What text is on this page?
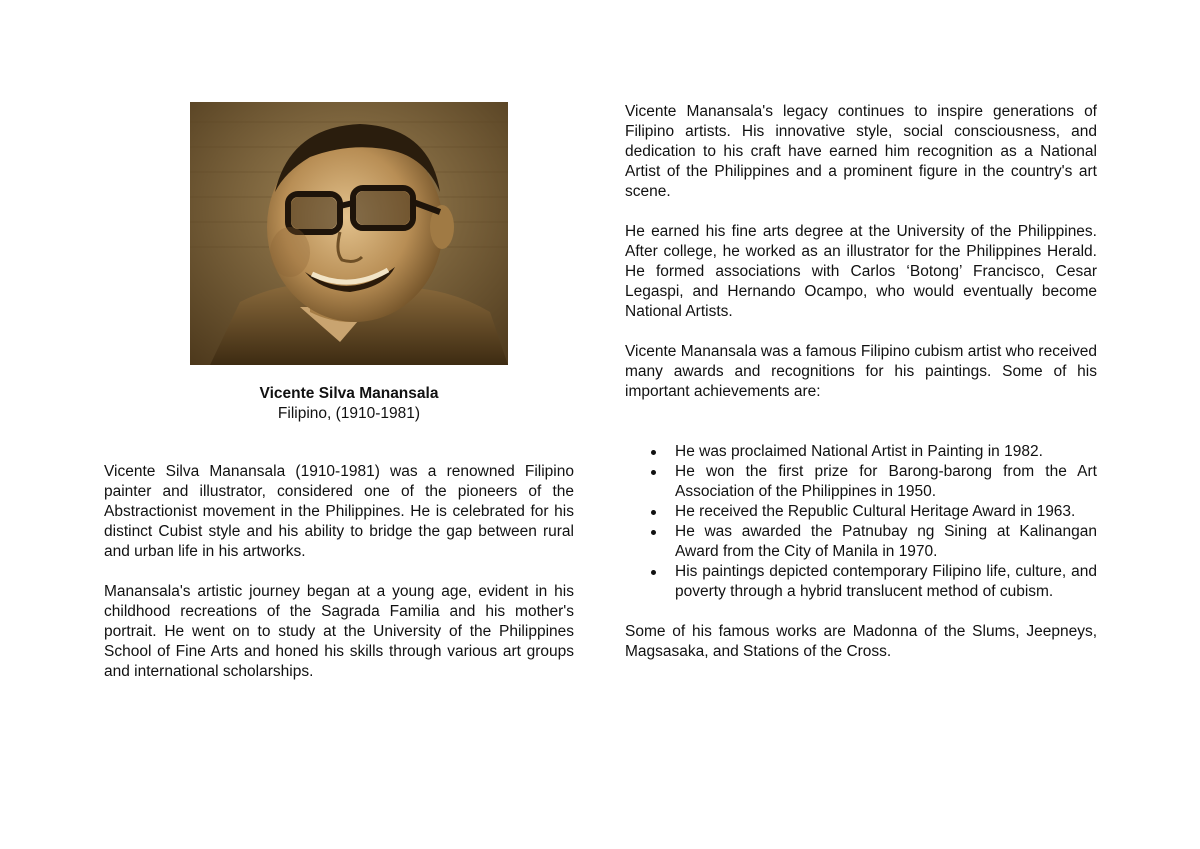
Vicente Silva Manansala
Filipino, (1910-1981)

Vicente Silva Manansala (1910-1981) was a renowned Filipino painter and illustrator, considered one of the pioneers of the Abstractionist movement in the Philippines. He is celebrated for his distinct Cubist style and his ability to bridge the gap between rural and urban life in his artworks.

Manansala's artistic journey began at a young age, evident in his childhood recreations of the Sagrada Familia and his mother's portrait. He went on to study at the University of the Philippines School of Fine Arts and honed his skills through various art groups and international scholarships.

Vicente Manansala's legacy continues to inspire generations of Filipino artists. His innovative style, social consciousness, and dedication to his craft have earned him recognition as a National Artist of the Philippines and a prominent figure in the country's art scene.

He earned his fine arts degree at the University of the Philippines. After college, he worked as an illustrator for the Philippines Herald. He formed associations with Carlos ‘Botong’ Francisco, Cesar Legaspi, and Hernando Ocampo, who would eventually become National Artists.

Vicente Manansala was a famous Filipino cubism artist who received many awards and recognitions for his paintings. Some of his important achievements are:

He was proclaimed National Artist in Painting in 1982.
He won the first prize for Barong-barong from the Art Association of the Philippines in 1950.
He received the Republic Cultural Heritage Award in 1963.
He was awarded the Patnubay ng Sining at Kalinangan Award from the City of Manila in 1970.
His paintings depicted contemporary Filipino life, culture, and poverty through a hybrid translucent method of cubism.

Some of his famous works are Madonna of the Slums, Jeepneys, Magsasaka, and Stations of the Cross.
